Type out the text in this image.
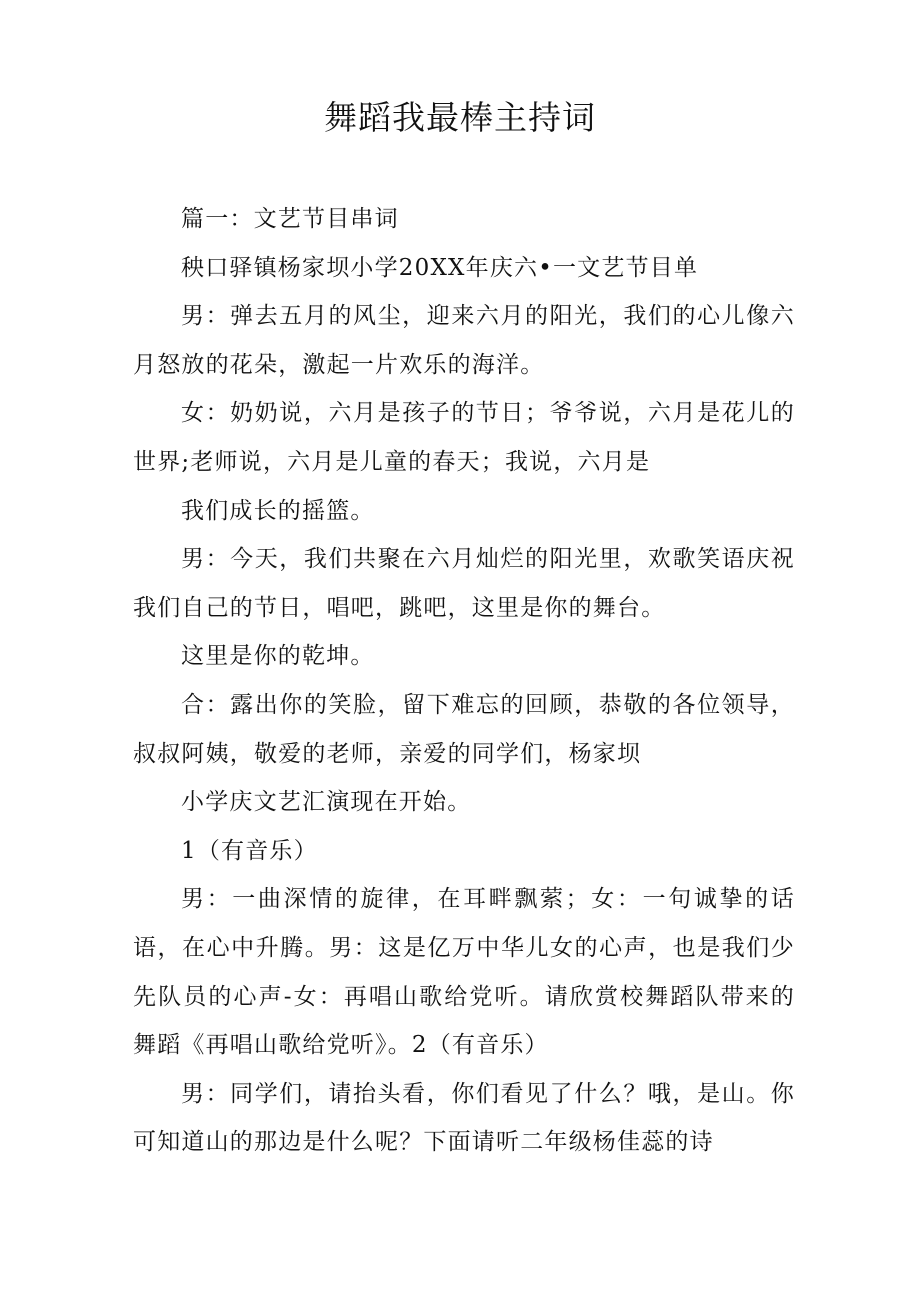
舞蹈我最棒主持词

篇一：文艺节目串词

秧口驿镇杨家坝小学20XX年庆六•一文艺节目单

男：弹去五月的风尘，迎来六月的阳光，我们的心儿像六月怒放的花朵，激起一片欢乐的海洋。

女：奶奶说，六月是孩子的节日；爷爷说，六月是花儿的世界;老师说，六月是儿童的春天；我说，六月是

我们成长的摇篮。

男：今天，我们共聚在六月灿烂的阳光里，欢歌笑语庆祝我们自己的节日，唱吧，跳吧，这里是你的舞台。

这里是你的乾坤。

合：露出你的笑脸，留下难忘的回顾，恭敬的各位领导，叔叔阿姨，敬爱的老师，亲爱的同学们，杨家坝

小学庆文艺汇演现在开始。

1（有音乐）

男：一曲深情的旋律，在耳畔飘萦；女：一句诚挚的话语，在心中升腾。男：这是亿万中华儿女的心声，也是我们少先队员的心声-女：再唱山歌给党听。请欣赏校舞蹈队带来的舞蹈《再唱山歌给党听》。2（有音乐）

男：同学们，请抬头看，你们看见了什么？哦，是山。你可知道山的那边是什么呢？下面请听二年级杨佳蕊的诗
